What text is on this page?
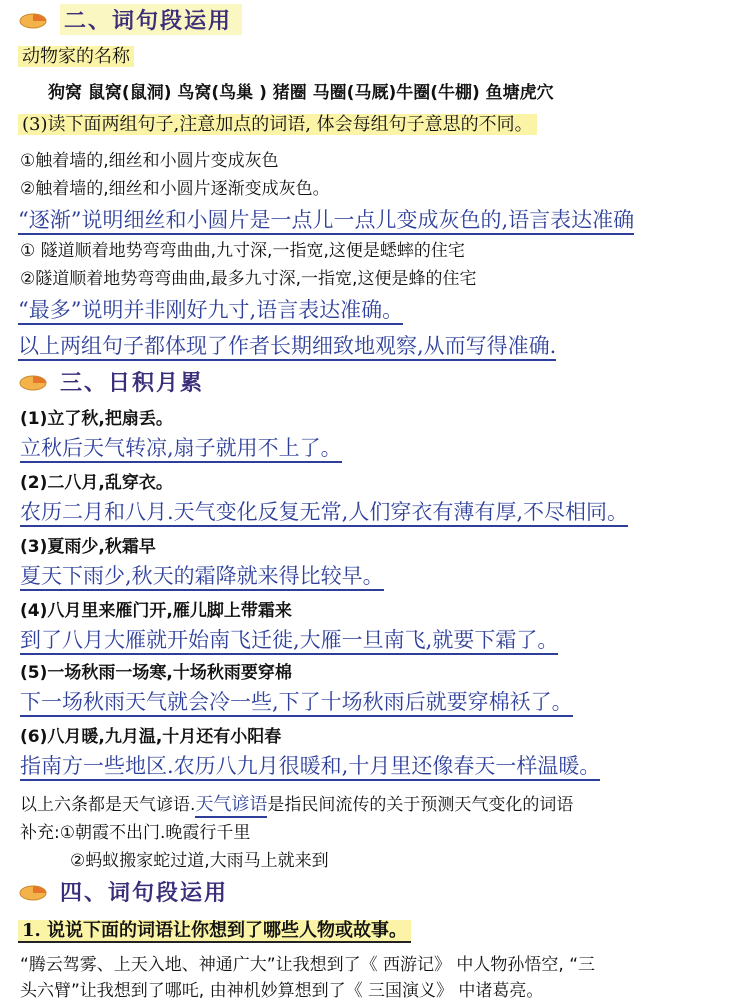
二、词句段运用
动物家的名称
狗窝 鼠窝(鼠洞) 鸟窝(鸟巢 ) 猪圈 马圈(马厩)牛圈(牛棚) 鱼塘虎穴
(3)读下面两组句子,注意加点的词语, 体会每组句子意思的不同。
①触着墙的,细丝和小圆片变成灰色
②触着墙的,细丝和小圆片逐渐变成灰色。
“逐渐”说明细丝和小圆片是一点儿一点儿变成灰色的,语言表达准确
① 隧道顺着地势弯弯曲曲,九寸深,一指宽,这便是蟋蟀的住宅
②隧道顺着地势弯弯曲曲,最多九寸深,一指宽,这便是蜂的住宅
“最多”说明并非刚好九寸,语言表达准确。
以上两组句子都体现了作者长期细致地观察,从而写得准确.
三、日积月累
(1)立了秋,把扇丢。
立秋后天气转凉,扇子就用不上了。
(2)二八月,乱穿衣。
农历二月和八月.天气变化反复无常,人们穿衣有薄有厚,不尽相同。
(3)夏雨少,秋霜早
夏天下雨少,秋天的霜降就来得比较早。
(4)八月里来雁门开,雁儿脚上带霜来
到了八月大雁就开始南飞迁徙,大雁一旦南飞,就要下霜了。
(5)一场秋雨一场寒,十场秋雨要穿棉
下一场秋雨天气就会冷一些,下了十场秋雨后就要穿棉袄了。
(6)八月暖,九月温,十月还有小阳春
指南方一些地区.农历八九月很暖和,十月里还像春天一样温暖。
以上六条都是天气谚语.天气谚语是指民间流传的关于预测天气变化的词语
补充:①朝霞不出门.晚霞行千里
②蚂蚁搬家蛇过道,大雨马上就来到
四、词句段运用
1. 说说下面的词语让你想到了哪些人物或故事。
“腾云驾雾、上天入地、神通广大”让我想到了《 西游记》 中人物孙悟空, “三
头六臂”让我想到了哪吒, 由神机妙算想到了《 三国演义》 中诸葛亮。
